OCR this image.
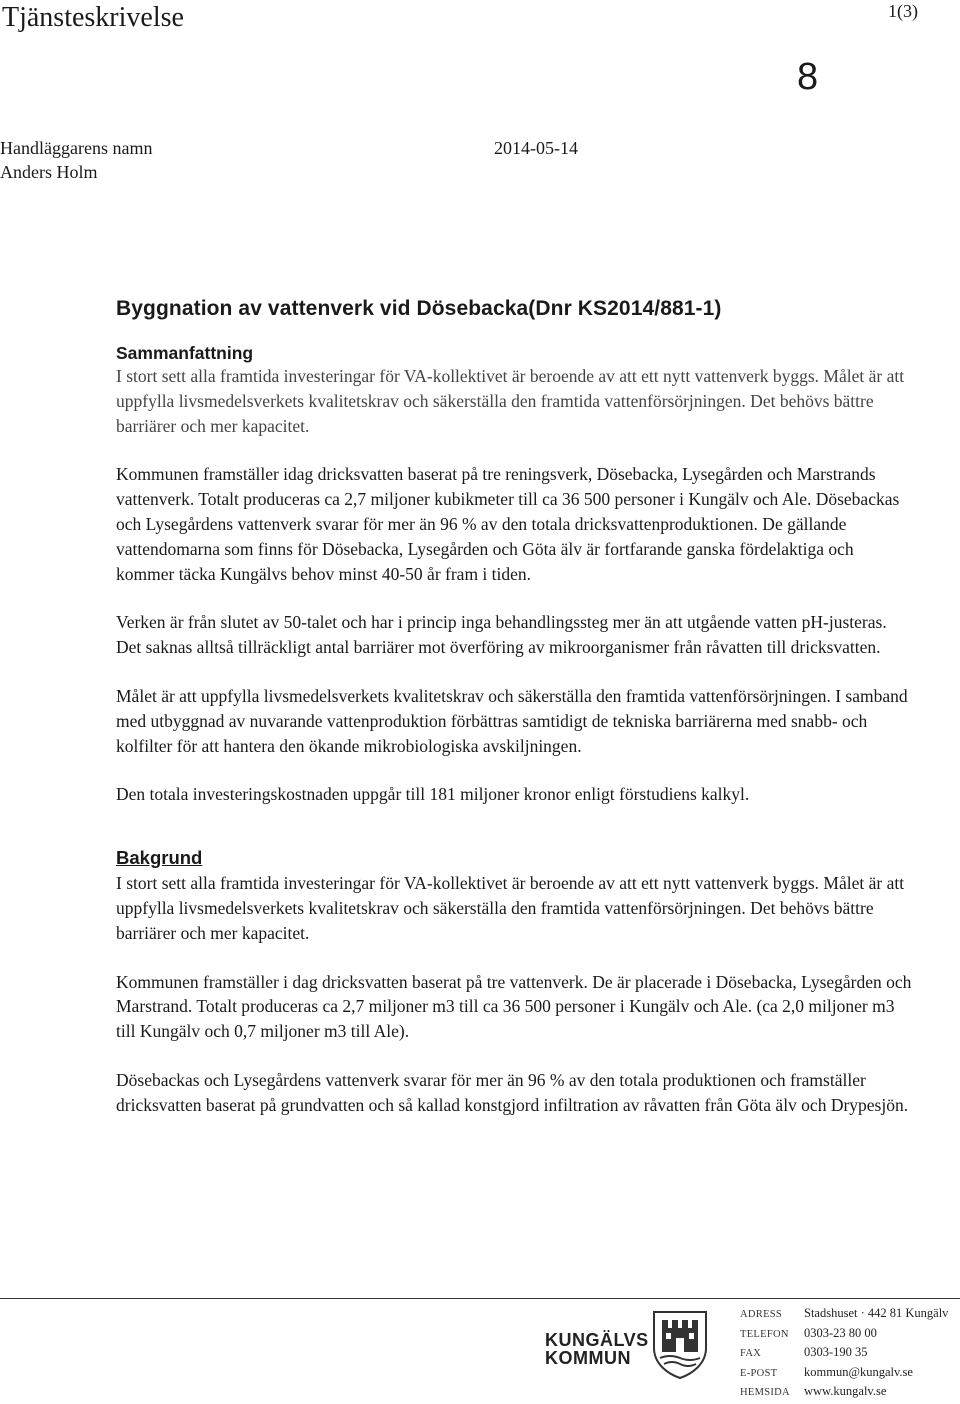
Tjänsteskrivelse	1(3)
8
Handläggarens namn
Anders Holm
2014-05-14
Byggnation av vattenverk vid Dösebacka(Dnr KS2014/881-1)
Sammanfattning

I stort sett alla framtida investeringar för VA-kollektivet är beroende av att ett nytt vattenverk byggs. Målet är att uppfylla livsmedelsverkets kvalitetskrav och säkerställa den framtida vattenförsörjningen. Det behövs bättre barriärer och mer kapacitet.

Kommunen framställer idag dricksvatten baserat på tre reningsverk, Dösebacka, Lysegården och Marstrands vattenverk. Totalt produceras ca 2,7 miljoner kubikmeter till ca 36 500 personer i Kungälv och Ale. Dösebackas och Lysegårdens vattenverk svarar för mer än 96 % av den totala dricksvattenproduktionen. De gällande vattendomarna som finns för Dösebacka, Lysegården och Göta älv är fortfarande ganska fördelaktiga och kommer täcka Kungälvs behov minst 40-50 år fram i tiden.

Verken är från slutet av 50-talet och har i princip inga behandlingssteg mer än att utgående vatten pH-justeras. Det saknas alltså tillräckligt antal barriärer mot överföring av mikroorganismer från råvatten till dricksvatten.

Målet är att uppfylla livsmedelsverkets kvalitetskrav och säkerställa den framtida vattenförsörjningen. I samband med utbyggnad av nuvarande vattenproduktion förbättras samtidigt de tekniska barriärerna med snabb- och kolfilter för att hantera den ökande mikrobiologiska avskiljningen.

Den totala investeringskostnaden uppgår till 181 miljoner kronor enligt förstudiens kalkyl.

Bakgrund

I stort sett alla framtida investeringar för VA-kollektivet är beroende av att ett nytt vattenverk byggs. Målet är att uppfylla livsmedelsverkets kvalitetskrav och säkerställa den framtida vattenförsörjningen. Det behövs bättre barriärer och mer kapacitet.

Kommunen framställer i dag dricksvatten baserat på tre vattenverk. De är placerade i Dösebacka, Lysegården och Marstrand. Totalt produceras ca 2,7 miljoner m3 till ca 36 500 personer i Kungälv och Ale. (ca 2,0 miljoner m3 till Kungälv och 0,7 miljoner m3 till Ale).

Dösebackas och Lysegårdens vattenverk svarar för mer än 96 % av den totala produktionen och framställer dricksvatten baserat på grundvatten och så kallad konstgjord infiltration av råvatten från Göta älv och Drypesjön.

KUNGÄLVS
KOMMUN
ADRESS Stadshuset · 442 81 Kungälv
TELEFON 0303-23 80 00
FAX	0303-190 35
E-POST kommun@kungalv.se
HEMSIDA www.kungalv.se
